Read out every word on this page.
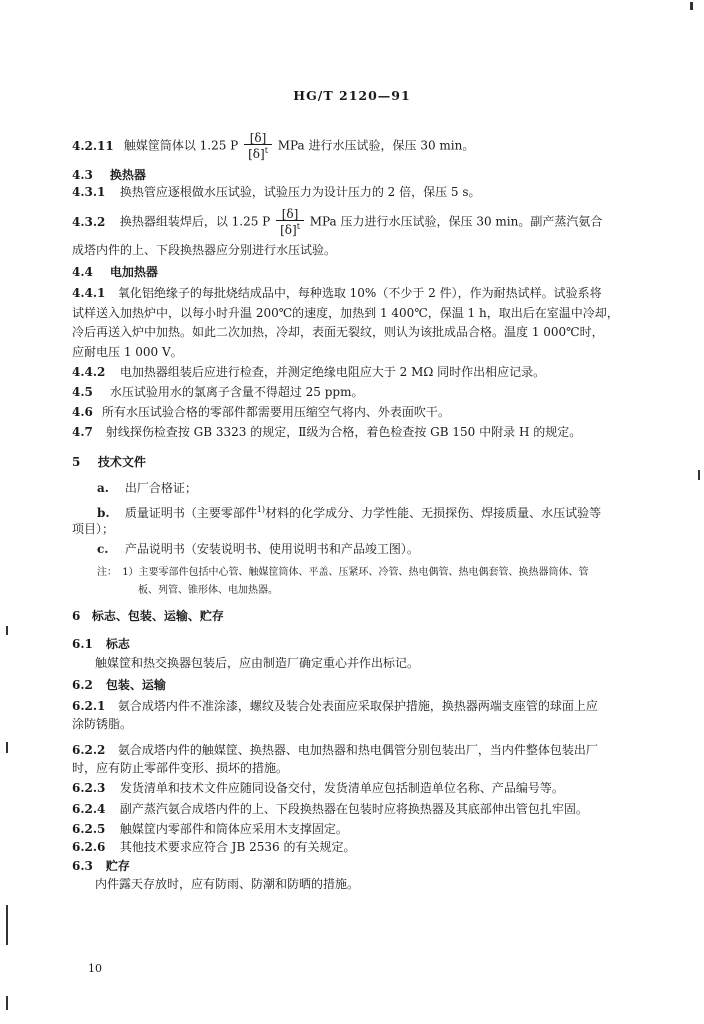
HG/T 2120—91
4.2.11 触媒筐筒体以 1.25 P $\frac{[\delta]}{[\delta]^t}$ MPa 进行水压试验，保压 30 min。
4.3 换热器
4.3.1 换热管应逐根做水压试验，试验压力为设计压力的 2 倍，保压 5 s。
4.3.2 换热器组装焊后，以 1.25 P $\frac{[\delta]}{[\delta]^t}$ MPa 压力进行水压试验，保压 30 min。副产蒸汽氨合
成塔内件的上、下段换热器应分别进行水压试验。
4.4 电加热器
4.4.1 氧化铝绝缘子的每批烧结成品中，每种选取 10%（不少于 2 件），作为耐热试样。试验系将
试样送入加热炉中，以每小时升温 200℃的速度，加热到 1 400℃，保温 1 h，取出后在室温中冷却，
冷后再送入炉中加热。如此二次加热，冷却，表面无裂纹，则认为该批成品合格。温度 1 000℃时，
应耐电压 1 000 V。
4.4.2 电加热器组装后应进行检查，并测定绝缘电阻应大于 2 MΩ 同时作出相应记录。
4.5 水压试验用水的氯离子含量不得超过 25 ppm。
4.6 所有水压试验合格的零部件都需要用压缩空气将内、外表面吹干。
4.7 射线探伤检查按 GB 3323 的规定，Ⅱ级为合格，着色检查按 GB 150 中附录 H 的规定。
5 技术文件
a. 出厂合格证；
b. 质量证明书（主要零部件$^{1)}$材料的化学成分、力学性能、无损探伤、焊接质量、水压试验等
项目）；
c. 产品说明书（安装说明书、使用说明书和产品竣工图）。
注： 1）主要零部件包括中心管、触媒筐筒体、平盖、压紧环、冷管、热电偶管、热电偶套管、换热器筒体、管
板、列管、锥形体、电加热器。
6 标志、包装、运输、贮存
6.1 标志
触媒筐和热交换器包装后，应由制造厂确定重心并作出标记。
6.2 包装、运输
6.2.1 氨合成塔内件不准涂漆，螺纹及装合处表面应采取保护措施，换热器两端支座管的球面上应
涂防锈脂。
6.2.2 氨合成塔内件的触媒筐、换热器、电加热器和热电偶管分别包装出厂，当内件整体包装出厂
时，应有防止零部件变形、损坏的措施。
6.2.3 发货清单和技术文件应随同设备交付，发货清单应包括制造单位名称、产品编号等。
6.2.4 副产蒸汽氨合成塔内件的上、下段换热器在包装时应将换热器及其底部伸出管包扎牢固。
6.2.5 触媒筐内零部件和筒体应采用木支撑固定。
6.2.6 其他技术要求应符合 JB 2536 的有关规定。
6.3 贮存
内件露天存放时，应有防雨、防潮和防晒的措施。
10
